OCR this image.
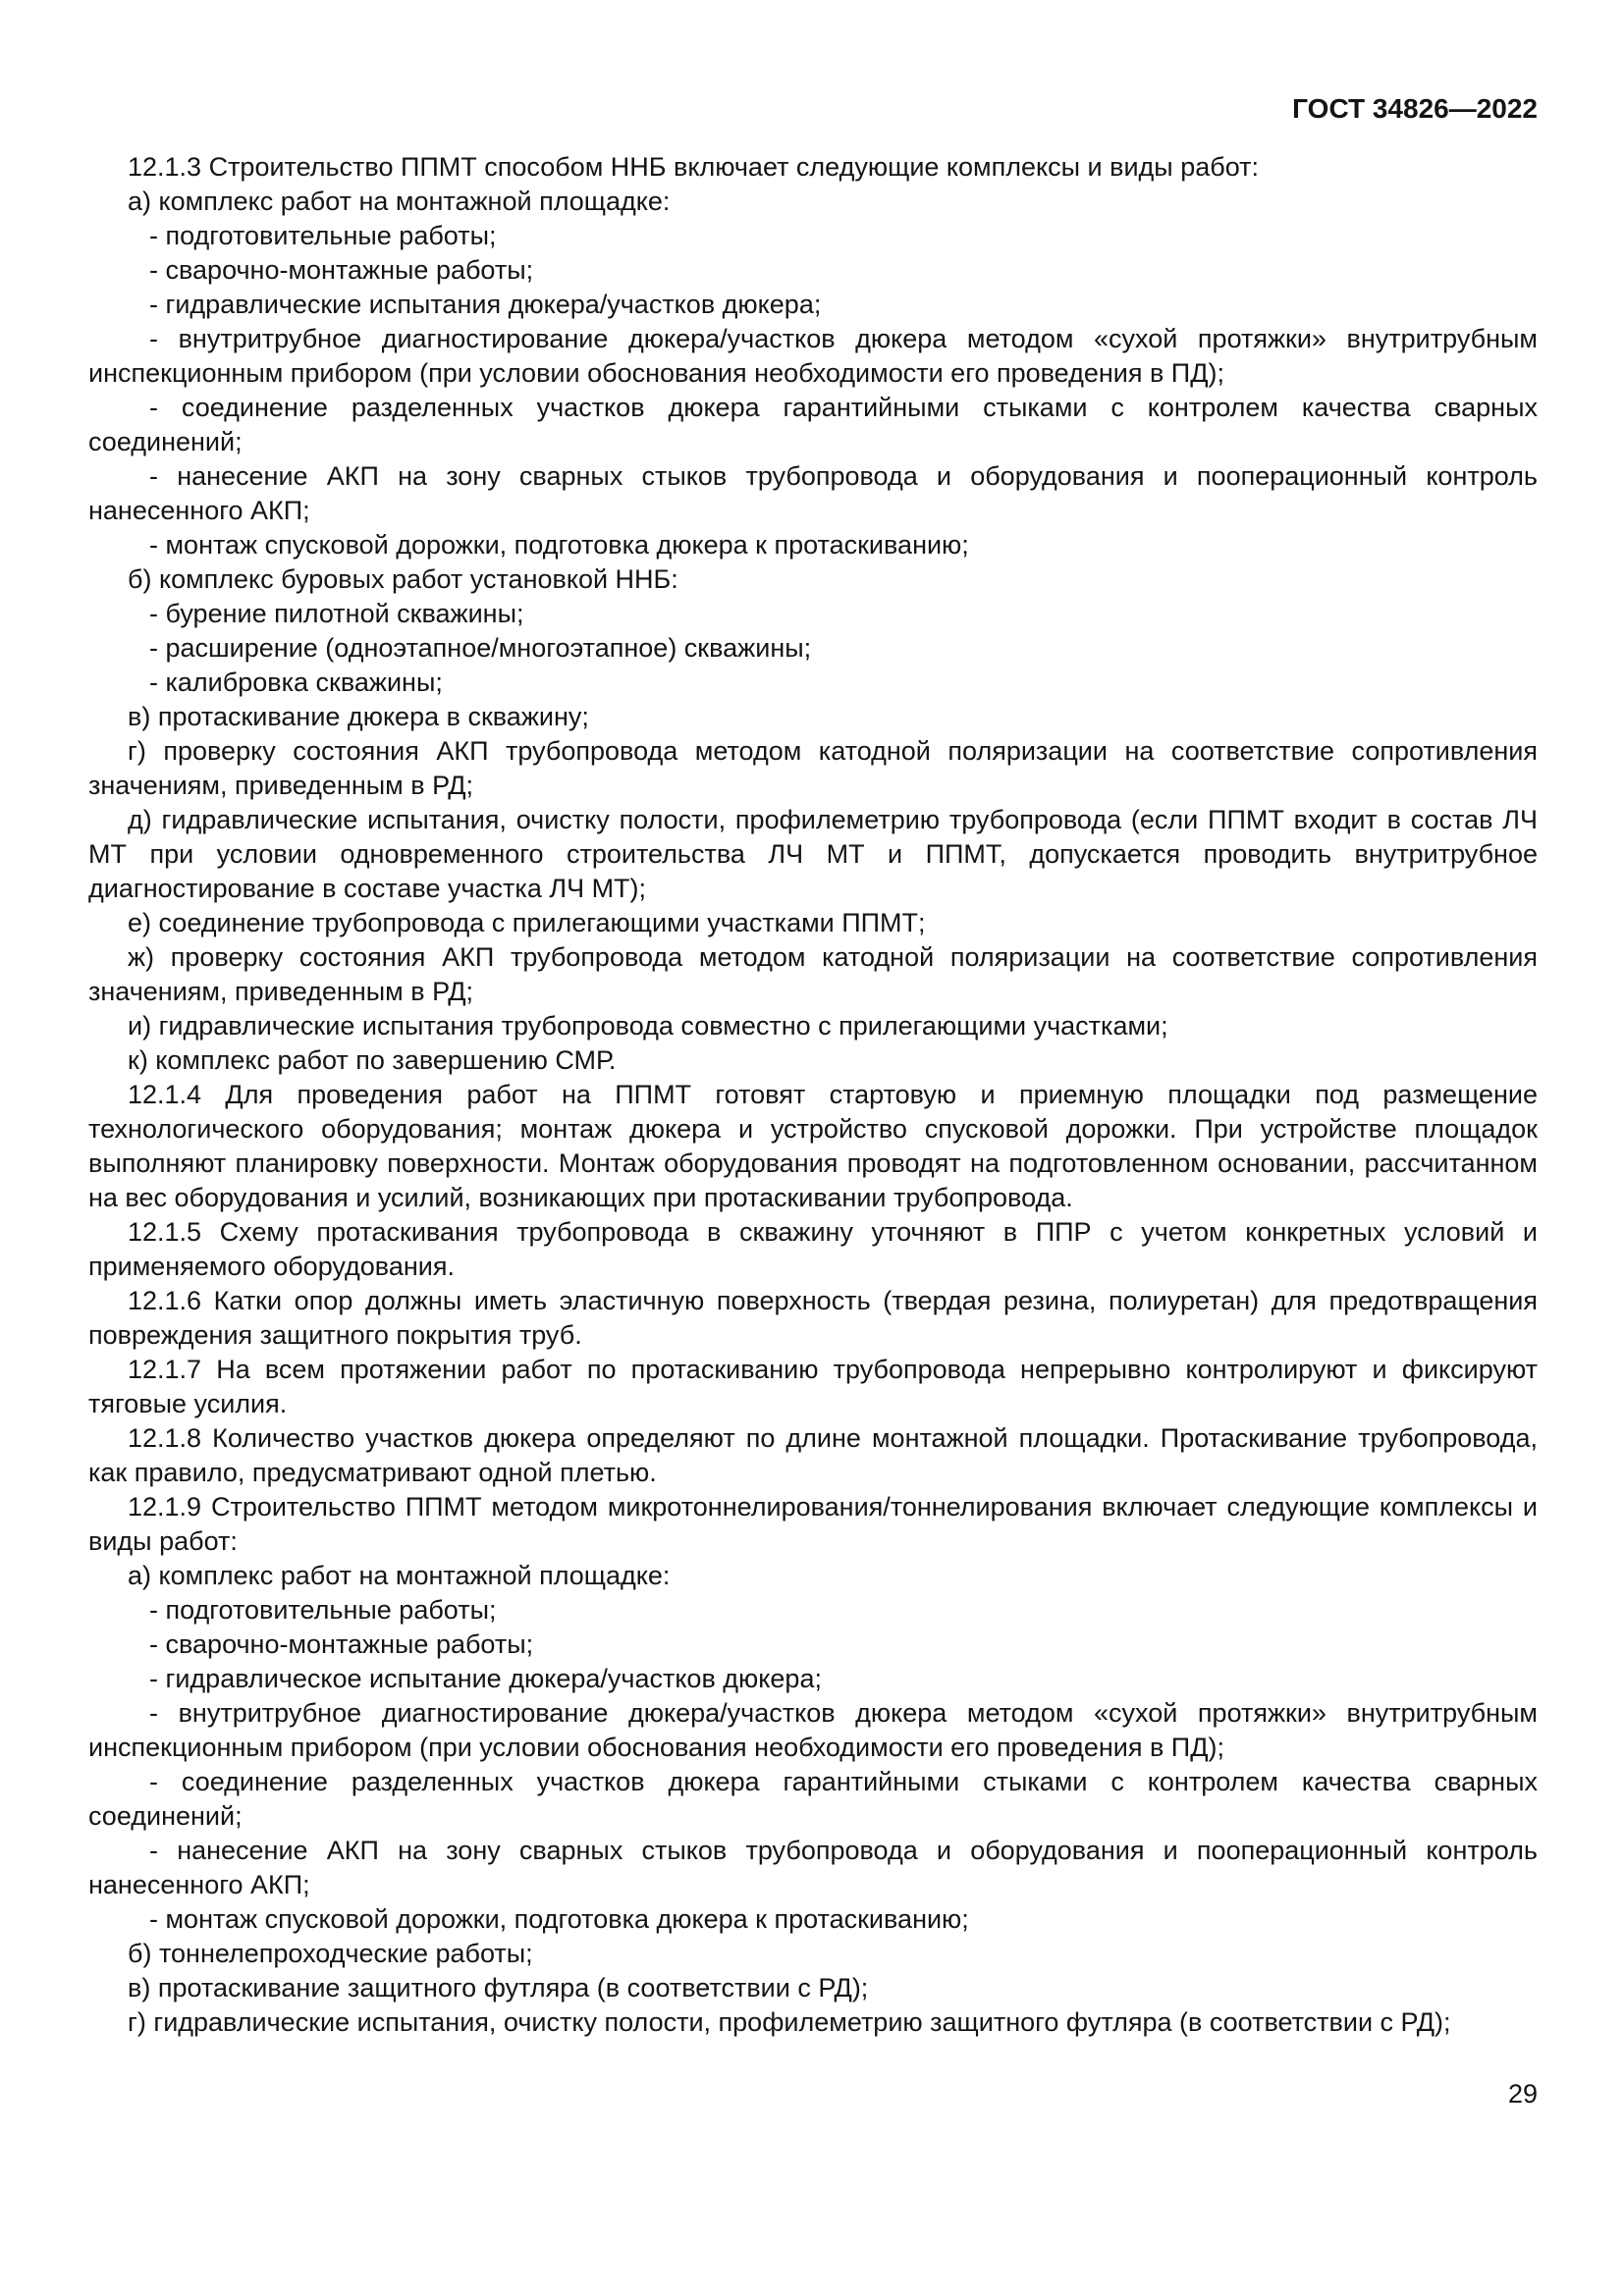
ГОСТ 34826—2022

12.1.3 Строительство ППМТ способом ННБ включает следующие комплексы и виды работ:

а) комплекс работ на монтажной площадке:

- подготовительные работы;

- сварочно-монтажные работы;

- гидравлические испытания дюкера/участков дюкера;

- внутритрубное диагностирование дюкера/участков дюкера методом «сухой протяжки» внутритрубным инспекционным прибором (при условии обоснования необходимости его проведения в ПД);

- соединение разделенных участков дюкера гарантийными стыками с контролем качества сварных соединений;

- нанесение АКП на зону сварных стыков трубопровода и оборудования и пооперационный контроль нанесенного АКП;

- монтаж спусковой дорожки, подготовка дюкера к протаскиванию;

б) комплекс буровых работ установкой ННБ:

- бурение пилотной скважины;

- расширение (одноэтапное/многоэтапное) скважины;

- калибровка скважины;

в) протаскивание дюкера в скважину;

г) проверку состояния АКП трубопровода методом катодной поляризации на соответствие сопротивления значениям, приведенным в РД;

д) гидравлические испытания, очистку полости, профилеметрию трубопровода (если ППМТ входит в состав ЛЧ МТ при условии одновременного строительства ЛЧ МТ и ППМТ, допускается проводить внутритрубное диагностирование в составе участка ЛЧ МТ);

е) соединение трубопровода с прилегающими участками ППМТ;

ж) проверку состояния АКП трубопровода методом катодной поляризации на соответствие сопротивления значениям, приведенным в РД;

и) гидравлические испытания трубопровода совместно с прилегающими участками;

к) комплекс работ по завершению СМР.

12.1.4 Для проведения работ на ППМТ готовят стартовую и приемную площадки под размещение технологического оборудования; монтаж дюкера и устройство спусковой дорожки. При устройстве площадок выполняют планировку поверхности. Монтаж оборудования проводят на подготовленном основании, рассчитанном на вес оборудования и усилий, возникающих при протаскивании трубопровода.

12.1.5 Схему протаскивания трубопровода в скважину уточняют в ППР с учетом конкретных условий и применяемого оборудования.

12.1.6 Катки опор должны иметь эластичную поверхность (твердая резина, полиуретан) для предотвращения повреждения защитного покрытия труб.

12.1.7 На всем протяжении работ по протаскиванию трубопровода непрерывно контролируют и фиксируют тяговые усилия.

12.1.8 Количество участков дюкера определяют по длине монтажной площадки. Протаскивание трубопровода, как правило, предусматривают одной плетью.

12.1.9 Строительство ППМТ методом микротоннелирования/тоннелирования включает следующие комплексы и виды работ:

а) комплекс работ на монтажной площадке:

- подготовительные работы;

- сварочно-монтажные работы;

- гидравлическое испытание дюкера/участков дюкера;

- внутритрубное диагностирование дюкера/участков дюкера методом «сухой протяжки» внутритрубным инспекционным прибором (при условии обоснования необходимости его проведения в ПД);

- соединение разделенных участков дюкера гарантийными стыками с контролем качества сварных соединений;

- нанесение АКП на зону сварных стыков трубопровода и оборудования и пооперационный контроль нанесенного АКП;

- монтаж спусковой дорожки, подготовка дюкера к протаскиванию;

б) тоннелепроходческие работы;

в) протаскивание защитного футляра (в соответствии с РД);

г) гидравлические испытания, очистку полости, профилеметрию защитного футляра (в соответствии с РД);

29
